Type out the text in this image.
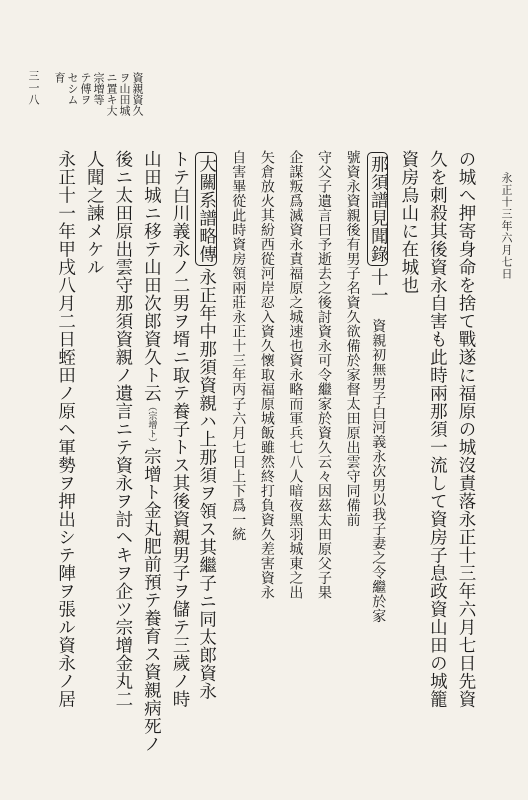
永正十三年六月七日
三一八	資親資久
ヲ山田城
ニ置キ大
宗増等
テ傅ヲ
セシム
育
の城へ押寄身命を捨て戰遂に福原の城沒責落永正十三年六月七日先資
久を刺殺其後資永自害も此時兩那須一流して資房子息政資山田の城籠
資房烏山に在城也
那須譜見聞錄十一　資親初無男子白河義永次男以我子妻之令繼於家
號資永資親後有男子名資久欲備於家督太田原出雲守同備前
守父子遺言曰予逝去之後討資永可令繼家於資久云々因茲太田原父子果
企謀叛爲滅資永責福原之城速也資永略而軍兵七八人暗夜黑羽城東之出
矢倉放火其紛西從河岸忍入資久懷取福原城飯雖然終打負資久差害資永
自害畢從此時資房領兩莊永正十三年丙子六月七日上下爲一統
大關系譜略傳永正年中那須資親ハ上那須ヲ領ス其繼子ニ同太郎資永
トテ白川義永ノ二男ヲ壻ニ取テ養子トス其後資親男子ヲ儲テ三歲ノ時
山田城ニ移テ山田次郎資久ト云（宗增ト）宗增ト金丸肥前預テ養育ス資親病死ノ
後ニ太田原出雲守那須資親ノ遺言ニテ資永ヲ討ヘキヲ企ツ宗增金丸二
人聞之諫メケル
永正十一年甲戌八月二日蛭田ノ原ヘ軍勢ヲ押出シテ陣ヲ張ル資永ノ居
